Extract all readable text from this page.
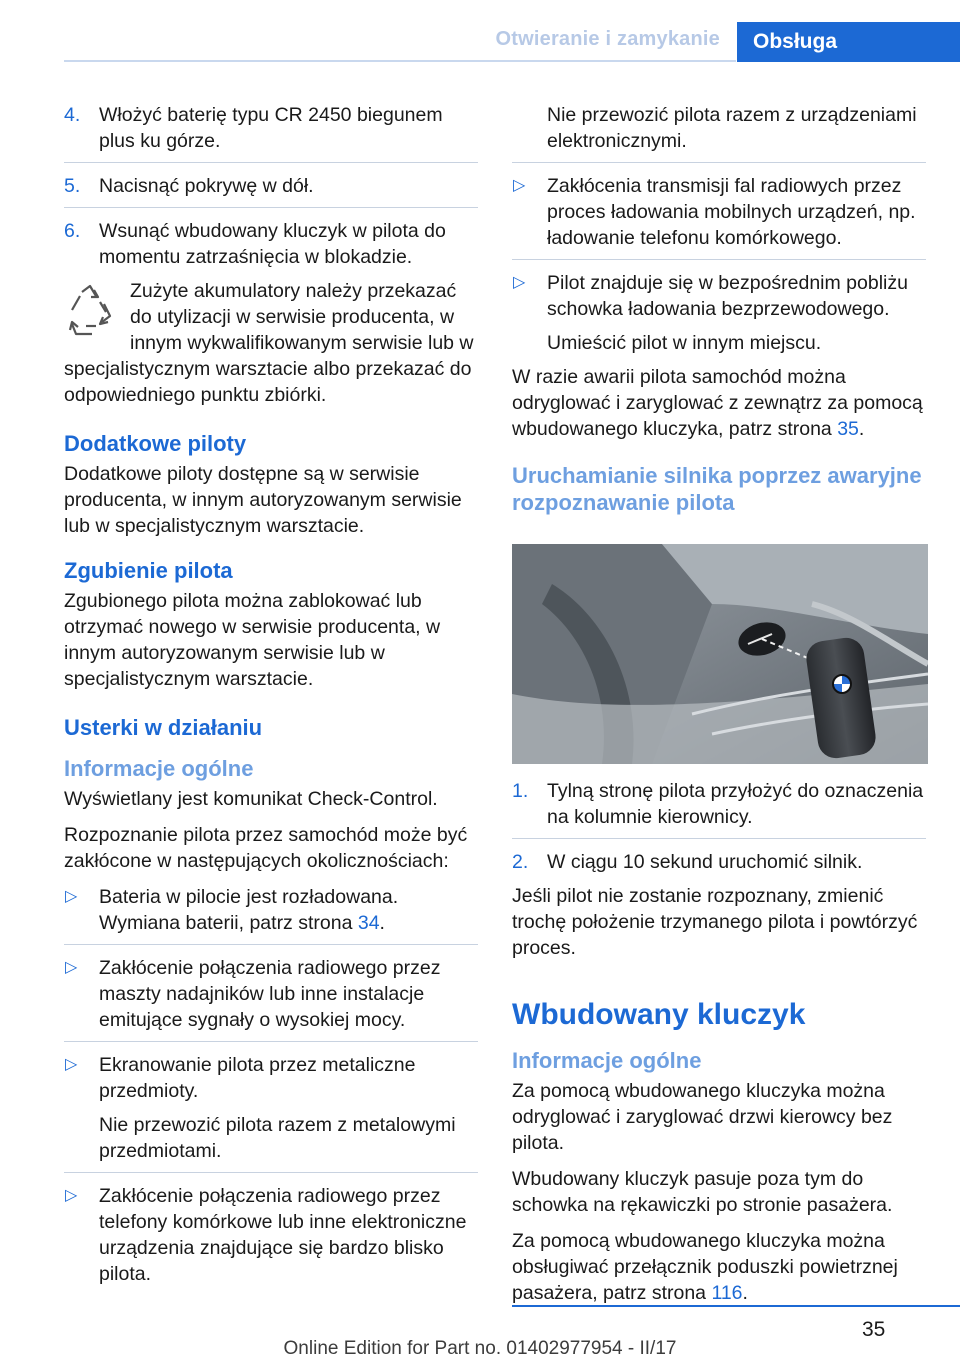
Otwieranie i zamykanie	Obsługa
4. Włożyć baterię typu CR 2450 biegunem plus ku górze.
5. Nacisnąć pokrywę w dół.
6. Wsunąć wbudowany kluczyk w pilota do momentu zatrzaśnięcia w blokadzie.
Zużyte akumulatory należy przekazać do utylizacji w serwisie producenta, w innym wykwalifikowanym serwisie lub w specjalistycznym warsztacie albo przekazać do odpowiedniego punktu zbiórki.
Dodatkowe piloty
Dodatkowe piloty dostępne są w serwisie producenta, w innym autoryzowanym serwisie lub w specjalistycznym warsztacie.
Zgubienie pilota
Zgubionego pilota można zablokować lub otrzymać nowego w serwisie producenta, w innym autoryzowanym serwisie lub w specjalistycznym warsztacie.
Usterki w działaniu
Informacje ogólne
Wyświetlany jest komunikat Check-Control.
Rozpoznanie pilota przez samochód może być zakłócone w następujących okolicznościach:
▷ Bateria w pilocie jest rozładowana. Wymiana baterii, patrz strona 34.
▷ Zakłócenie połączenia radiowego przez maszty nadajników lub inne instalacje emitujące sygnały o wysokiej mocy.
▷ Ekranowanie pilota przez metaliczne przedmioty.
Nie przewozić pilota razem z metalowymi przedmiotami.
▷ Zakłócenie połączenia radiowego przez telefony komórkowe lub inne elektroniczne urządzenia znajdujące się bardzo blisko pilota.
Nie przewozić pilota razem z urządzeniami elektronicznymi.
▷ Zakłócenia transmisji fal radiowych przez proces ładowania mobilnych urządzeń, np. ładowanie telefonu komórkowego.
▷ Pilot znajduje się w bezpośrednim pobliżu schowka ładowania bezprzewodowego.
Umieścić pilot w innym miejscu.
W razie awarii pilota samochód można odryglować i zaryglować z zewnątrz za pomocą wbudowanego kluczyka, patrz strona 35.
Uruchamianie silnika poprzez awaryjne rozpoznawanie pilota
1. Tylną stronę pilota przyłożyć do oznaczenia na kolumnie kierownicy.
2. W ciągu 10 sekund uruchomić silnik.
Jeśli pilot nie zostanie rozpoznany, zmienić trochę położenie trzymanego pilota i powtórzyć proces.
Wbudowany kluczyk
Informacje ogólne
Za pomocą wbudowanego kluczyka można odryglować i zaryglować drzwi kierowcy bez pilota.
Wbudowany kluczyk pasuje poza tym do schowka na rękawiczki po stronie pasażera.
Za pomocą wbudowanego kluczyka można obsługiwać przełącznik poduszki powietrznej pasażera, patrz strona 116.
35
Online Edition for Part no. 01402977954 - II/17
